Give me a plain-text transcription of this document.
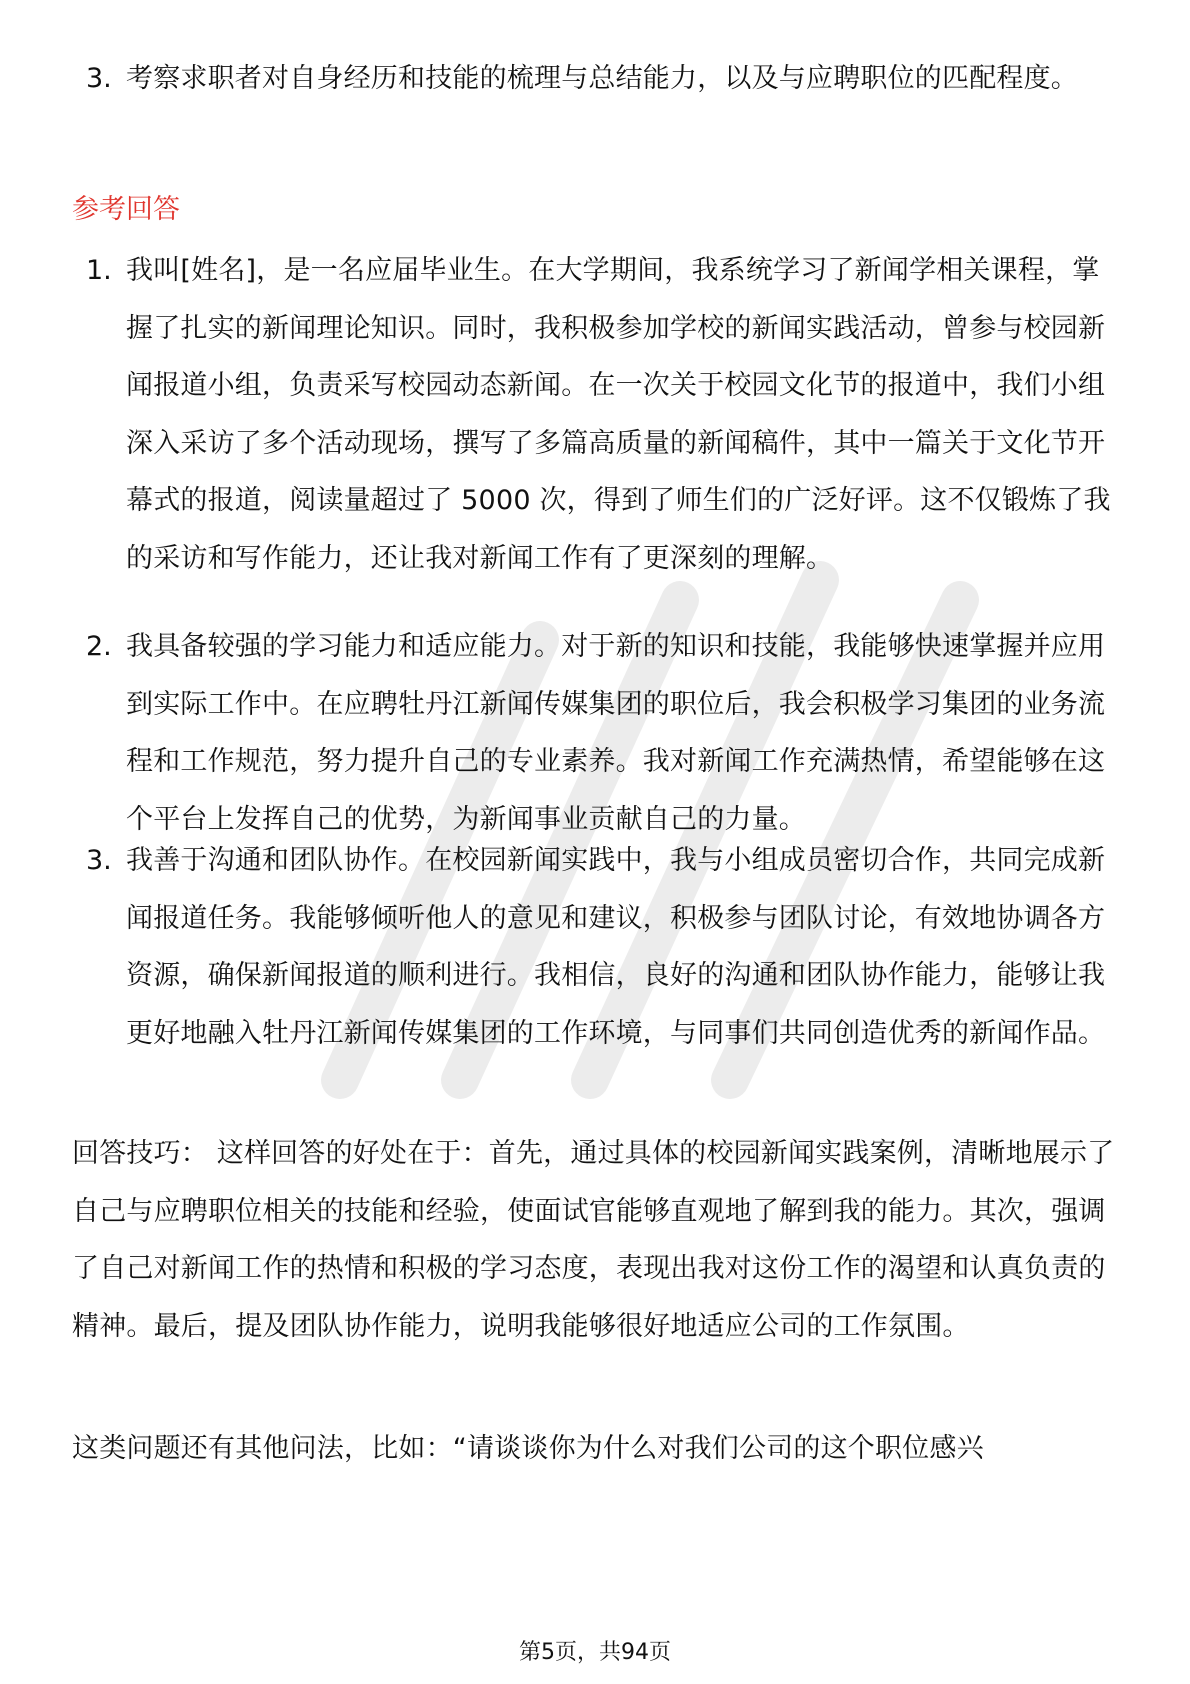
3. 考察求职者对自身经历和技能的梳理与总结能力，以及与应聘职位的匹配程度。
参考回答
1. 我叫[姓名]，是一名应届毕业生。在大学期间，我系统学习了新闻学相关课程，掌握了扎实的新闻理论知识。同时，我积极参加学校的新闻实践活动，曾参与校园新闻报道小组，负责采写校园动态新闻。在一次关于校园文化节的报道中，我们小组深入采访了多个活动现场，撰写了多篇高质量的新闻稿件，其中一篇关于文化节开幕式的报道，阅读量超过了 5000 次，得到了师生们的广泛好评。这不仅锻炼了我的采访和写作能力，还让我对新闻工作有了更深刻的理解。
2. 我具备较强的学习能力和适应能力。对于新的知识和技能，我能够快速掌握并应用到实际工作中。在应聘牡丹江新闻传媒集团的职位后，我会积极学习集团的业务流程和工作规范，努力提升自己的专业素养。我对新闻工作充满热情，希望能够在这个平台上发挥自己的优势，为新闻事业贡献自己的力量。
3. 我善于沟通和团队协作。在校园新闻实践中，我与小组成员密切合作，共同完成新闻报道任务。我能够倾听他人的意见和建议，积极参与团队讨论，有效地协调各方资源，确保新闻报道的顺利进行。我相信，良好的沟通和团队协作能力，能够让我更好地融入牡丹江新闻传媒集团的工作环境，与同事们共同创造优秀的新闻作品。
回答技巧： 这样回答的好处在于：首先，通过具体的校园新闻实践案例，清晰地展示了自己与应聘职位相关的技能和经验，使面试官能够直观地了解到我的能力。其次，强调了自己对新闻工作的热情和积极的学习态度，表现出我对这份工作的渴望和认真负责的精神。最后，提及团队协作能力，说明我能够很好地适应公司的工作氛围。
这类问题还有其他问法，比如：“请谈谈你为什么对我们公司的这个职位感兴
第5页，共94页
